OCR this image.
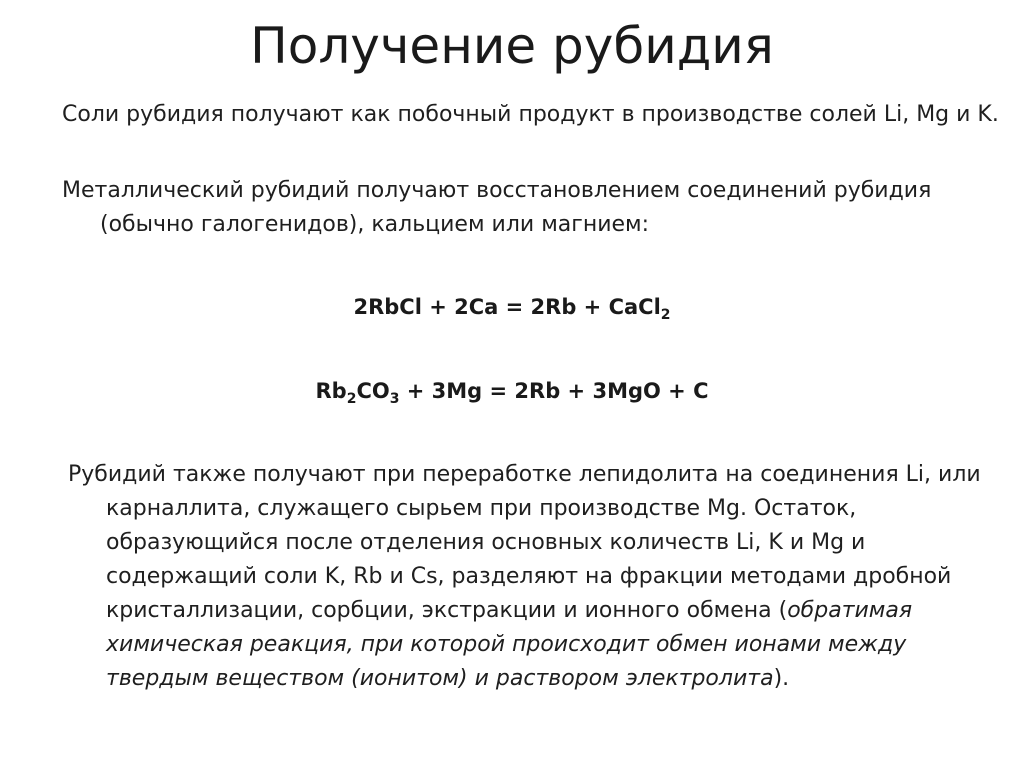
Получение рубидия

Соли рубидия получают как побочный продукт в производстве солей Li, Mg и K.

Металлический рубидий получают восстановлением соединений рубидия (обычно галогенидов), кальцием или магнием:

2RbCl + 2Ca = 2Rb + CaCl$_2$

$Rb_2CO_3 + 3Mg = 2Rb + 3MgO + C$

Рубидий также получают при переработке лепидолита на соединения Li, или карналлита, служащего сырьем при производстве Mg. Остаток, образующийся после отделения основных количеств Li, K и Mg и содержащий соли K, Rb и Cs, разделяют на фракции методами дробной кристаллизации, сорбции, экстракции и ионного обмена (обратимая химическая реакция, при которой происходит обмен ионами между твердым веществом (ионитом) и раствором электролита).
